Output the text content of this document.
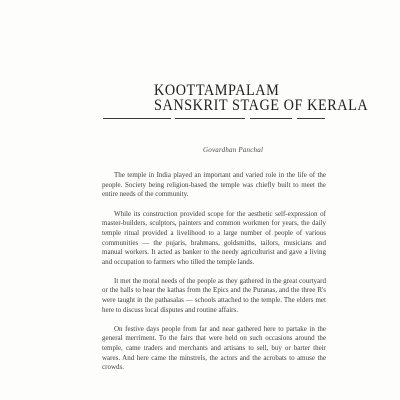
KOOTTAMPALAM
SANSKRIT STAGE OF KERALA
Govardhan Panchal

The temple in India played an important and varied role in the life of the people. Society being religion-based the temple was chiefly built to meet the entire needs of the community.

While its construction provided scope for the aesthetic self-expression of master-builders, sculptors, painters and common workmen for years, the daily temple ritual provided a livelihood to a large number of people of various communities — the pujaris, brahmans, goldsmiths, tailors, musicians and manual workers. It acted as banker to the needy agriculturist and gave a living and occupation to farmers who tilled the temple lands.

It met the moral needs of the people as they gathered in the great courtyard or the halls to hear the kathas from the Epics and the Puranas, and the three R's were taught in the pathasalas — schools attached to the temple. The elders met here to discuss local disputes and routine affairs.

On festive days people from far and near gathered here to partake in the general merriment. To the fairs that were held on such occasions around the temple, came traders and merchants and artisans to sell, buy or barter their wares. And here came the minstrels, the actors and the acrobats to amuse the crowds.
